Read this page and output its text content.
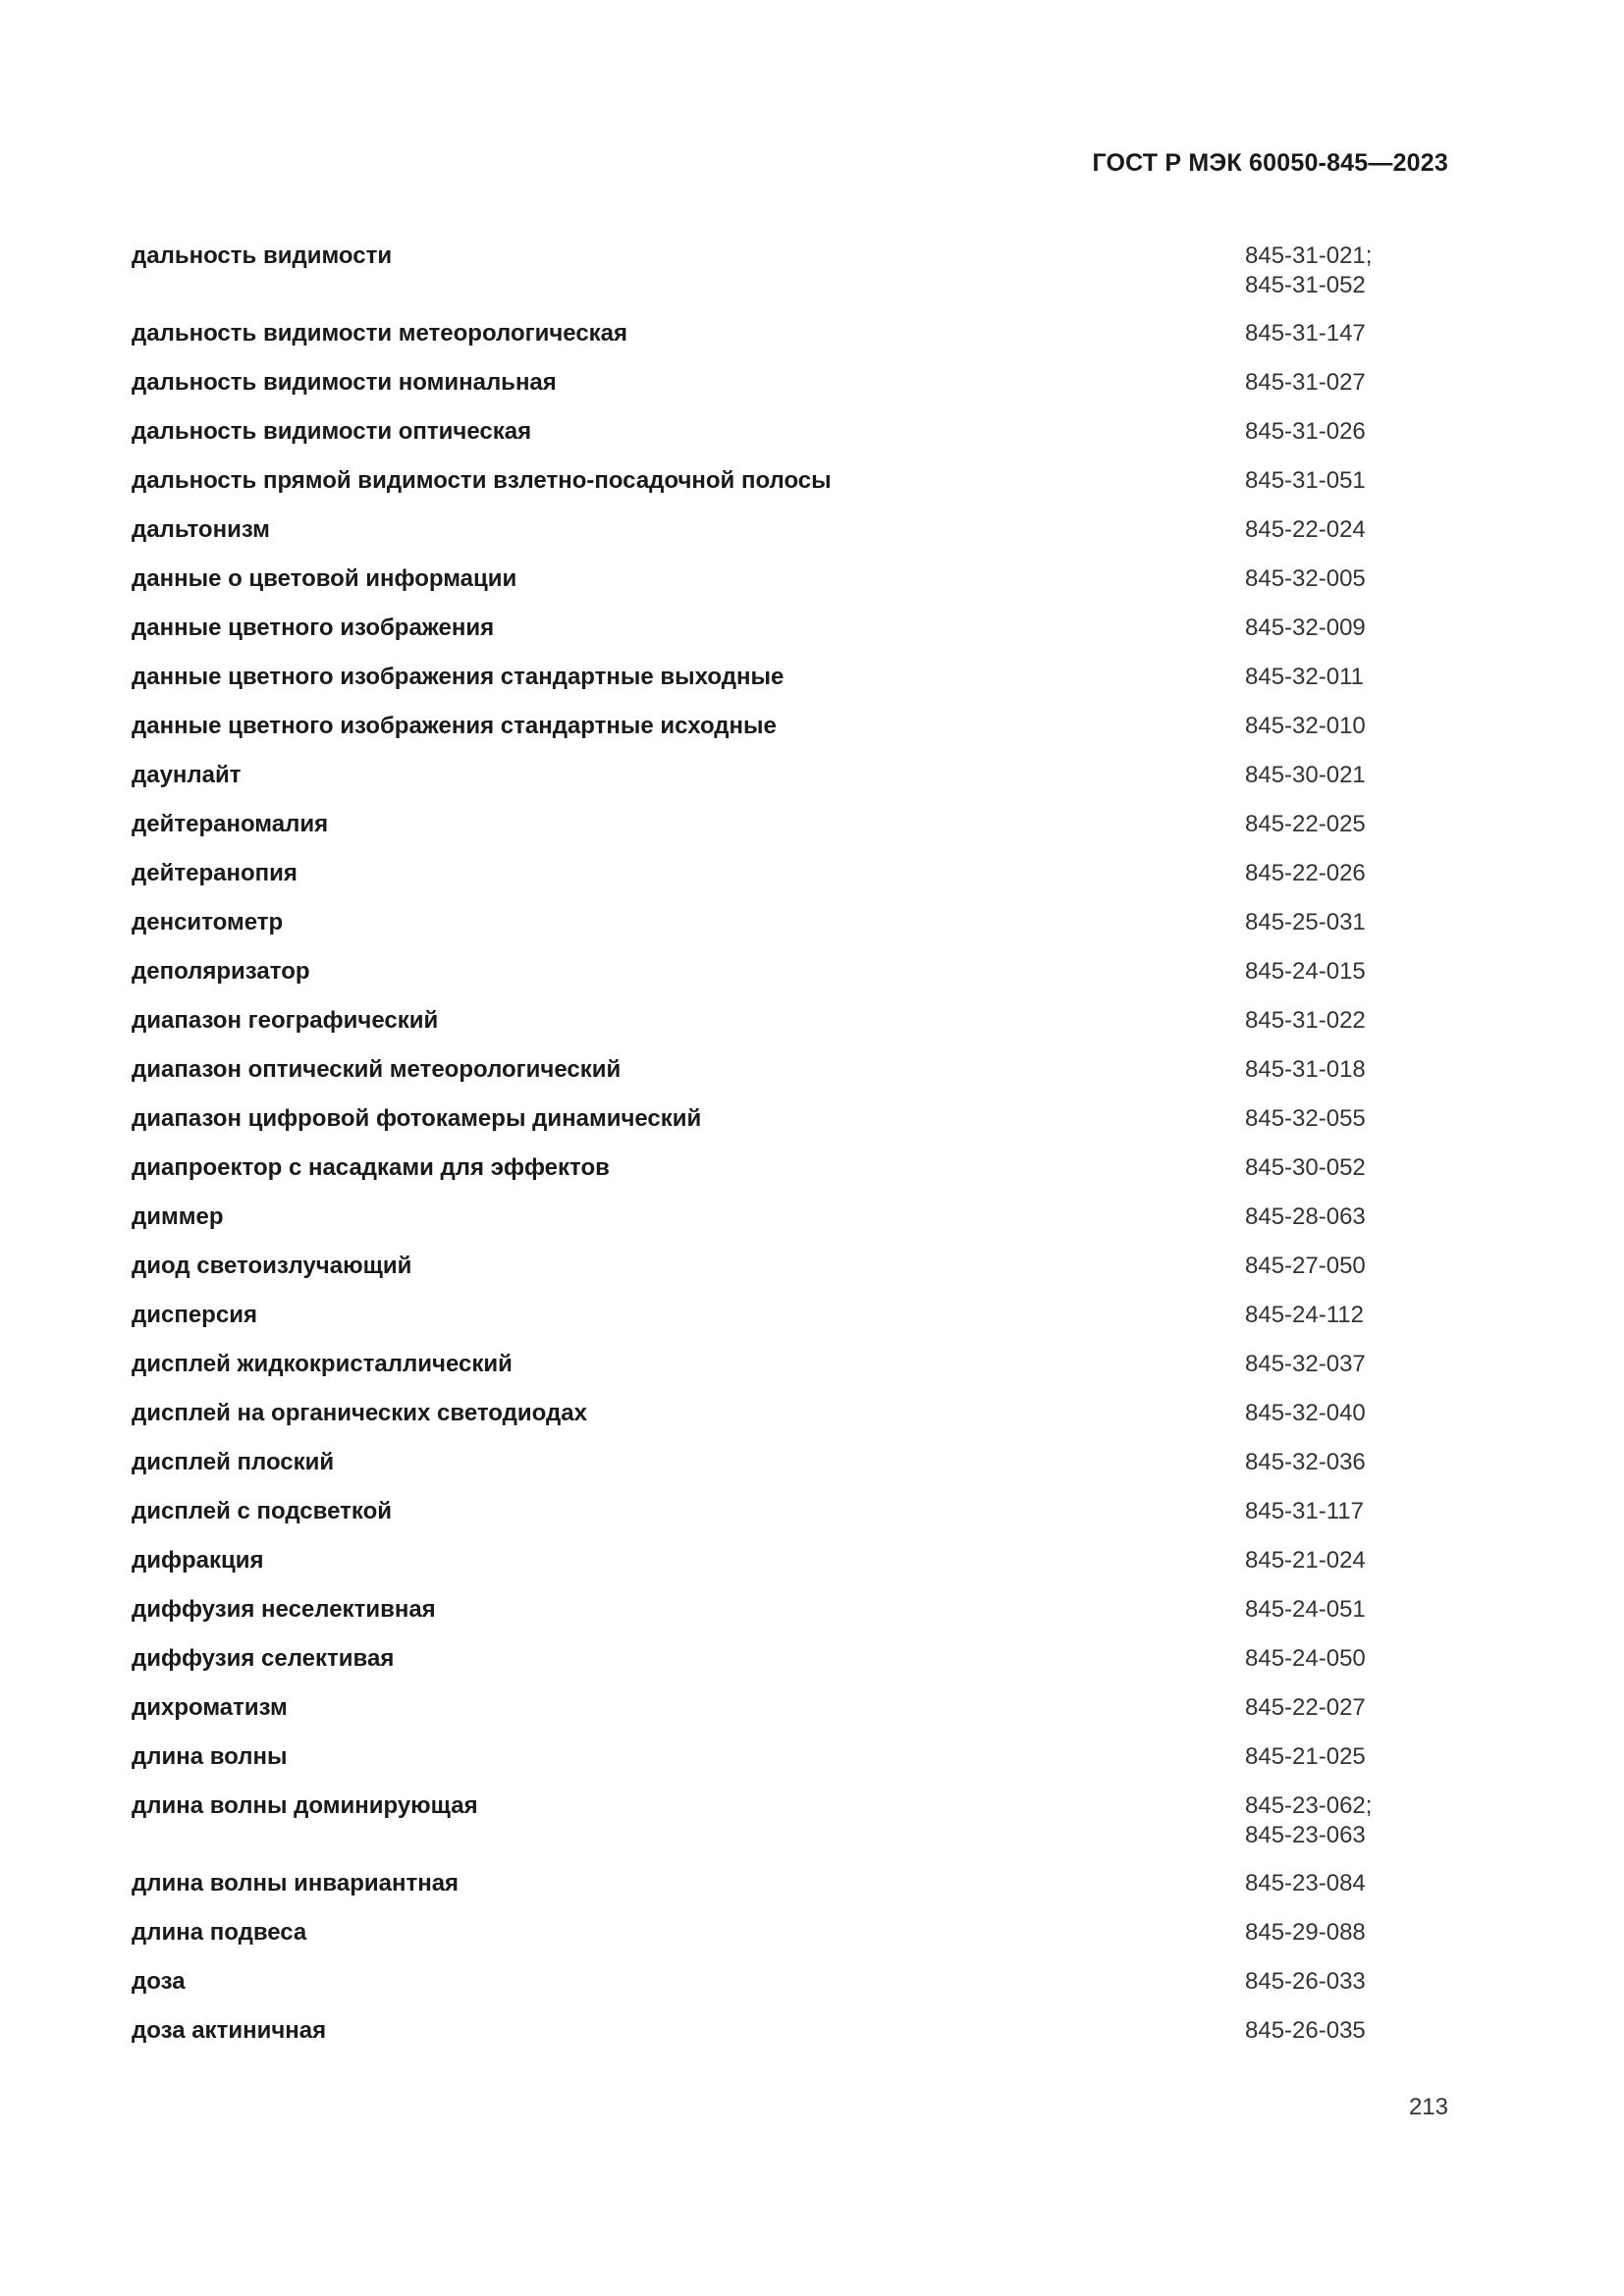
ГОСТ Р МЭК 60050-845—2023
дальность видимости	845-31-021;
845-31-052
дальность видимости метеорологическая	845-31-147
дальность видимости номинальная	845-31-027
дальность видимости оптическая	845-31-026
дальность прямой видимости взлетно-посадочной полосы	845-31-051
дальтонизм	845-22-024
данные о цветовой информации	845-32-005
данные цветного изображения	845-32-009
данные цветного изображения стандартные выходные	845-32-011
данные цветного изображения стандартные исходные	845-32-010
даунлайт	845-30-021
дейтераномалия	845-22-025
дейтеранопия	845-22-026
денситометр	845-25-031
деполяризатор	845-24-015
диапазон географический	845-31-022
диапазон оптический метеорологический	845-31-018
диапазон цифровой фотокамеры динамический	845-32-055
диапроектор с насадками для эффектов	845-30-052
диммер	845-28-063
диод светоизлучающий	845-27-050
дисперсия	845-24-112
дисплей жидкокристаллический	845-32-037
дисплей на органических светодиодах	845-32-040
дисплей плоский	845-32-036
дисплей с подсветкой	845-31-117
дифракция	845-21-024
диффузия неселективная	845-24-051
диффузия селективая	845-24-050
дихроматизм	845-22-027
длина волны	845-21-025
длина волны доминирующая	845-23-062;
845-23-063
длина волны инвариантная	845-23-084
длина подвеса	845-29-088
доза	845-26-033
доза актиничная	845-26-035
213
